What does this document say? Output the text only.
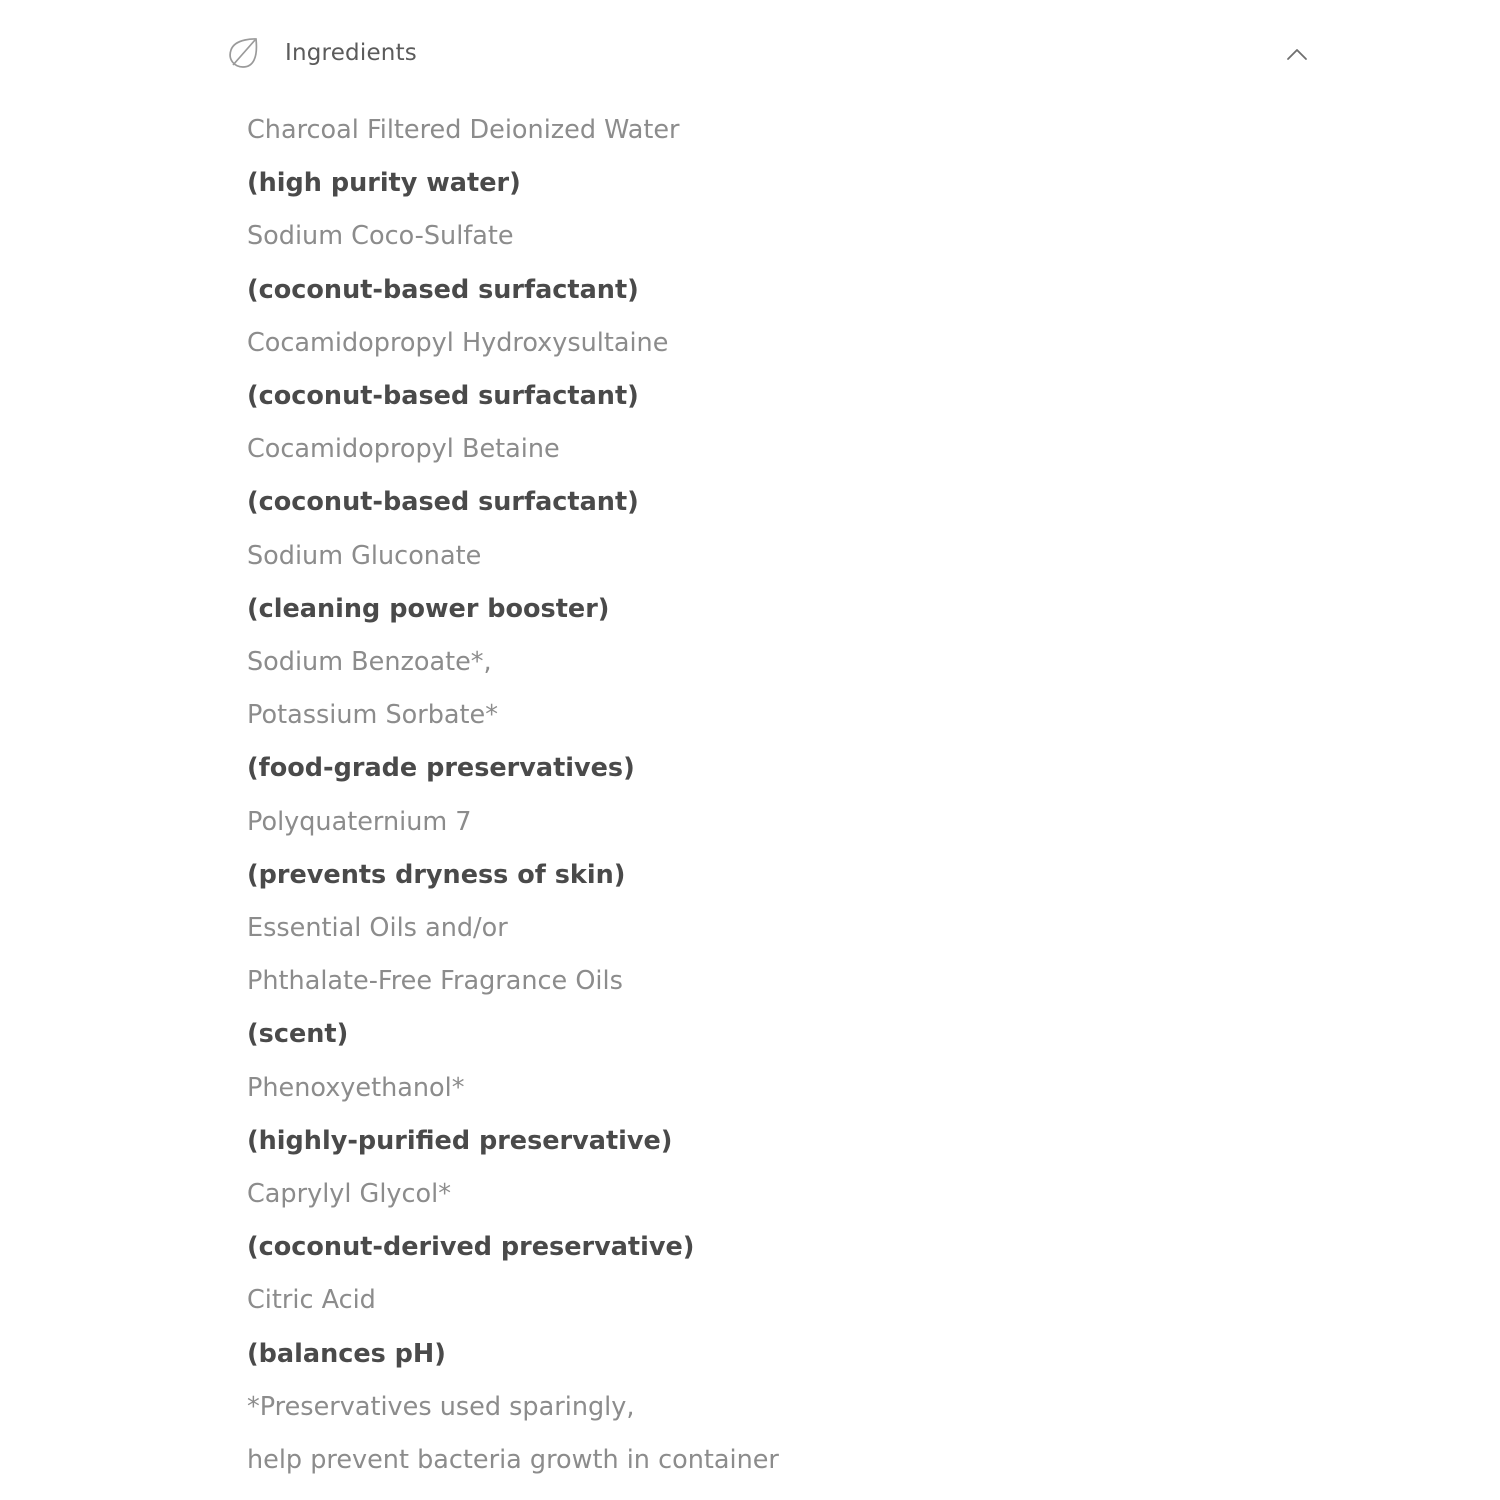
Ingredients
Charcoal Filtered Deionized Water
(high purity water)
Sodium Coco-Sulfate
(coconut-based surfactant)
Cocamidopropyl Hydroxysultaine
(coconut-based surfactant)
Cocamidopropyl Betaine
(coconut-based surfactant)
Sodium Gluconate
(cleaning power booster)
Sodium Benzoate*,
Potassium Sorbate*
(food-grade preservatives)
Polyquaternium 7
(prevents dryness of skin)
Essential Oils and/or
Phthalate-Free Fragrance Oils
(scent)
Phenoxyethanol*
(highly-purified preservative)
Caprylyl Glycol*
(coconut-derived preservative)
Citric Acid
(balances pH)
*Preservatives used sparingly,
help prevent bacteria growth in container
